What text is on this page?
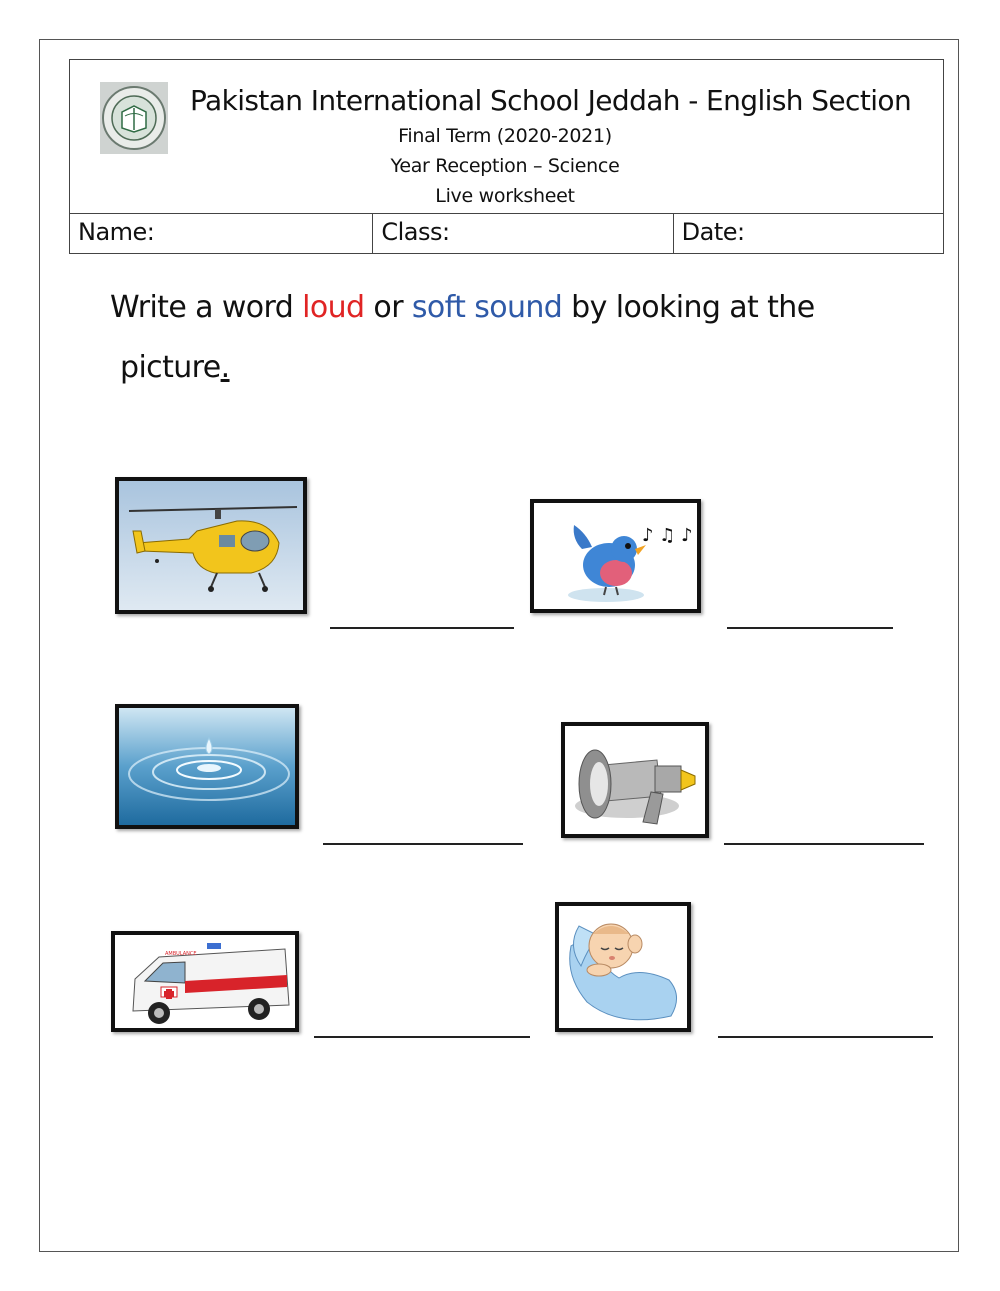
Pakistan International School Jeddah - English Section
Final Term (2020-2021)
Year Reception – Science
Live worksheet
Name:	Class:	Date:
Write a word loud or soft sound by looking at the
picture.
♪ ♫ ♪
AMBULANCE
